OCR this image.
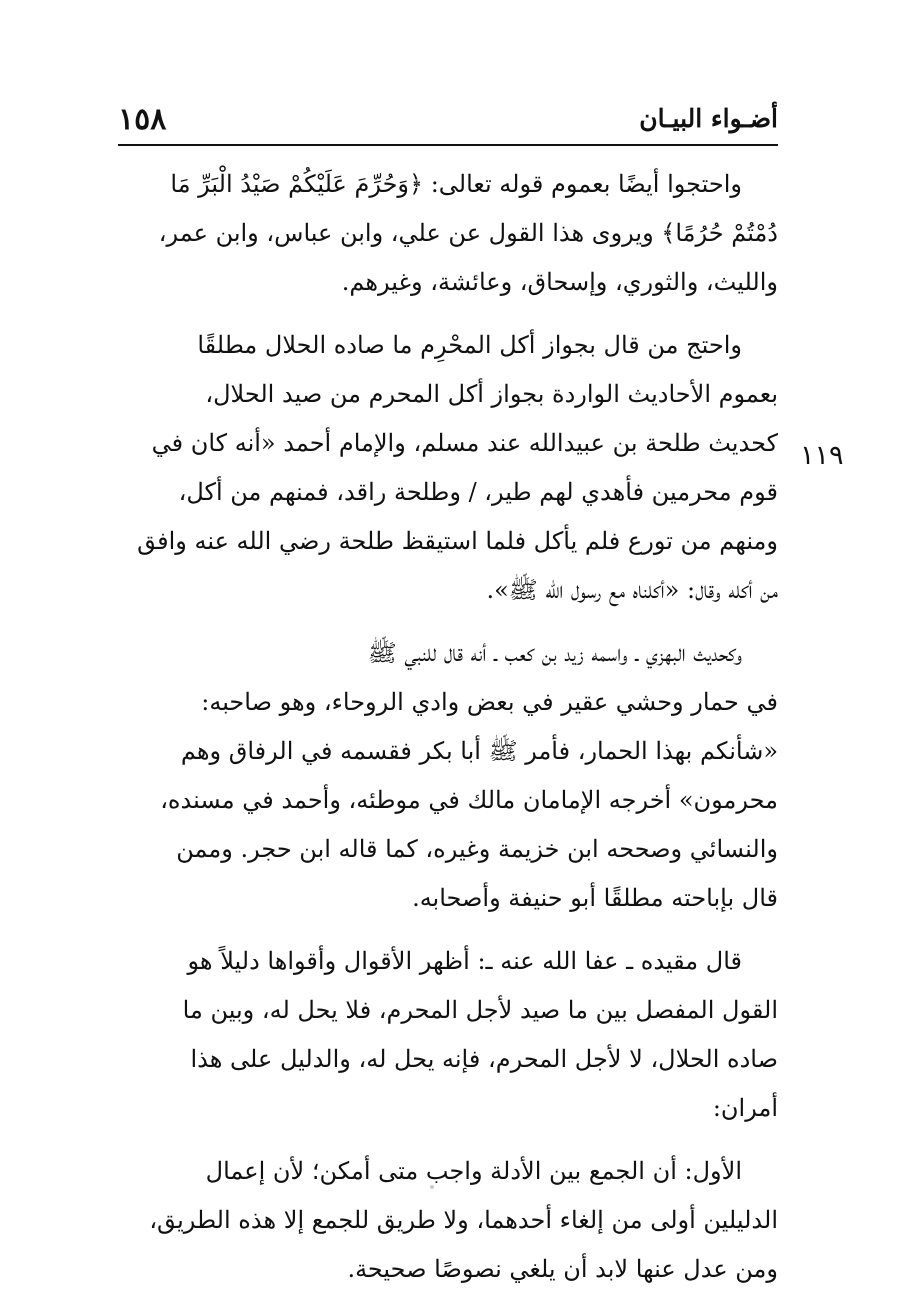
١٥٨	أضـواء البيـان
١١٩

واحتجوا أيضًا بعموم قوله تعالى: ﴿وَحُرِّمَ عَلَيْكُمْ صَيْدُ الْبَرِّ مَا
دُمْتُمْ حُرُمًا﴾ ويروى هذا القول عن علي، وابن عباس، وابن عمر،
والليث، والثوري، وإسحاق، وعائشة، وغيرهم.

واحتج من قال بجواز أكل المحْرِم ما صاده الحلال مطلقًا
بعموم الأحاديث الواردة بجواز أكل المحرم من صيد الحلال،
كحديث طلحة بن عبيدالله عند مسلم، والإمام أحمد «أنه كان في
قوم محرمين فأهدي لهم طير، / وطلحة راقد، فمنهم من أكل،
ومنهم من تورع فلم يأكل فلما استيقظ طلحة رضي الله عنه وافق
من أكله وقال: «أكلناه مع رسول الله ﷺ».

وكحديث البهزي ـ واسمه زيد بن كعب ـ أنه قال للنبي ﷺ
في حمار وحشي عقير في بعض وادي الروحاء، وهو صاحبه:
«شأنكم بهذا الحمار، فأمر ﷺ أبا بكر فقسمه في الرفاق وهم
محرمون» أخرجه الإمامان مالك في موطئه، وأحمد في مسنده،
والنسائي وصححه ابن خزيمة وغيره، كما قاله ابن حجر. وممن
قال بإباحته مطلقًا أبو حنيفة وأصحابه.

قال مقيده ـ عفا الله عنه ـ: أظهر الأقوال وأقواها دليلاً هو
القول المفصل بين ما صيد لأجل المحرم، فلا يحل له، وبين ما
صاده الحلال، لا لأجل المحرم، فإنه يحل له، والدليل على هذا
أمران:

الأول: أن الجمع بين الأدلة واجب متى أمكن؛ لأن إعمال
الدليلين أولى من إلغاء أحدهما، ولا طريق للجمع إلا هذه الطريق،
ومن عدل عنها لابد أن يلغي نصوصًا صحيحة.
